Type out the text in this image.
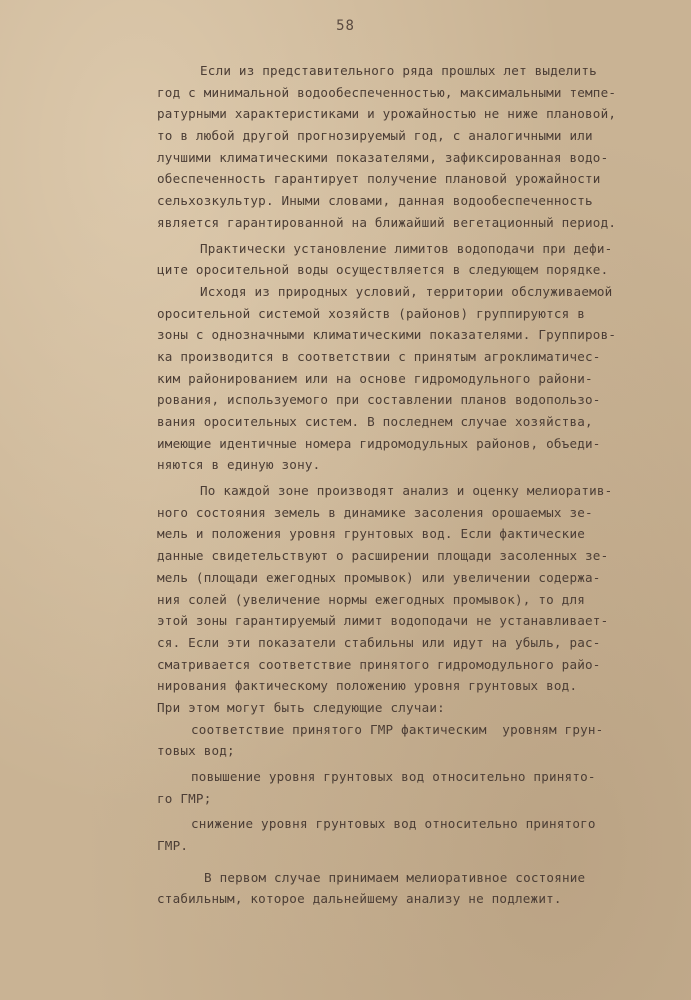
58
Если из представительного ряда прошлых лет выделить
год с минимальной водообеспеченностью, максимальными темпе-
ратурными характеристиками и урожайностью не ниже плановой,
то в любой другой прогнозируемый год, с аналогичными или
лучшими климатическими показателями, зафиксированная водо-
обеспеченность гарантирует получение плановой урожайности
сельхозкультур. Иными словами, данная водообеспеченность
является гарантированной на ближайший вегетационный период.
Практически установление лимитов водоподачи при дефи-
ците оросительной воды осуществляется в следующем порядке.
Исходя из природных условий, территории обслуживаемой
оросительной системой хозяйств (районов) группируются в
зоны с однозначными климатическими показателями. Группиров-
ка производится в соответствии с принятым агроклиматичес-
ким районированием или на основе гидромодульного райони-
рования, используемого при составлении планов водопользо-
вания оросительных систем. В последнем случае хозяйства,
имеющие идентичные номера гидромодульных районов, объеди-
няются в единую зону.
По каждой зоне производят анализ и оценку мелиоратив-
ного состояния земель в динамике засоления орошаемых зе-
мель и положения уровня грунтовых вод. Если фактические
данные свидетельствуют о расширении площади засоленных зе-
мель (площади ежегодных промывок) или увеличении содержа-
ния солей (увеличение нормы ежегодных промывок), то для
этой зоны гарантируемый лимит водоподачи не устанавливает-
ся. Если эти показатели стабильны или идут на убыль, рас-
сматривается соответствие принятого гидромодульного райо-
нирования фактическому положению уровня грунтовых вод.
При этом могут быть следующие случаи:
соответствие принятого ГМР фактическим  уровням грун-
товых вод;
повышение уровня грунтовых вод относительно принято-
го ГМР;
снижение уровня грунтовых вод относительно принятого
ГМР.
В первом случае принимаем мелиоративное состояние
стабильным, которое дальнейшему анализу не подлежит.
